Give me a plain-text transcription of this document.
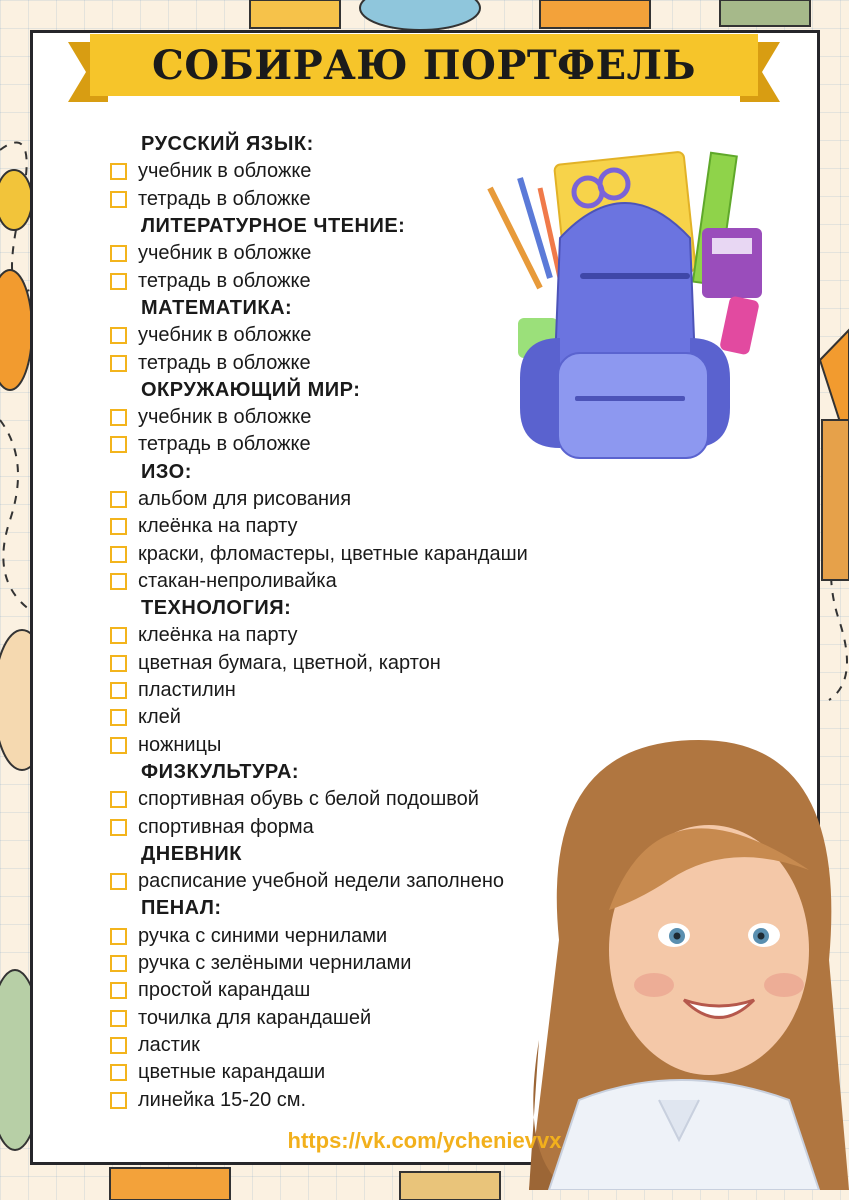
СОБИРАЮ ПОРТФЕЛЬ
РУССКИЙ ЯЗЫК:
учебник в обложке
тетрадь в обложке
ЛИТЕРАТУРНОЕ ЧТЕНИЕ:
учебник в обложке
тетрадь в обложке
МАТЕМАТИКА:
учебник в обложке
тетрадь в обложке
ОКРУЖАЮЩИЙ МИР:
учебник в обложке
тетрадь в обложке
ИЗО:
альбом для рисования
клеёнка на парту
краски, фломастеры, цветные карандаши
стакан-непроливайка
ТЕХНОЛОГИЯ:
клеёнка на парту
цветная бумага, цветной, картон
пластилин
клей
ножницы
ФИЗКУЛЬТУРА:
спортивная обувь с белой подошвой
спортивная форма
ДНЕВНИК
расписание учебной недели заполнено
ПЕНАЛ:
ручка с синими чернилами
ручка с зелёными чернилами
простой карандаш
точилка для карандашей
ластик
цветные карандаши
линейка 15-20 см.
https://vk.com/ychenievvx
